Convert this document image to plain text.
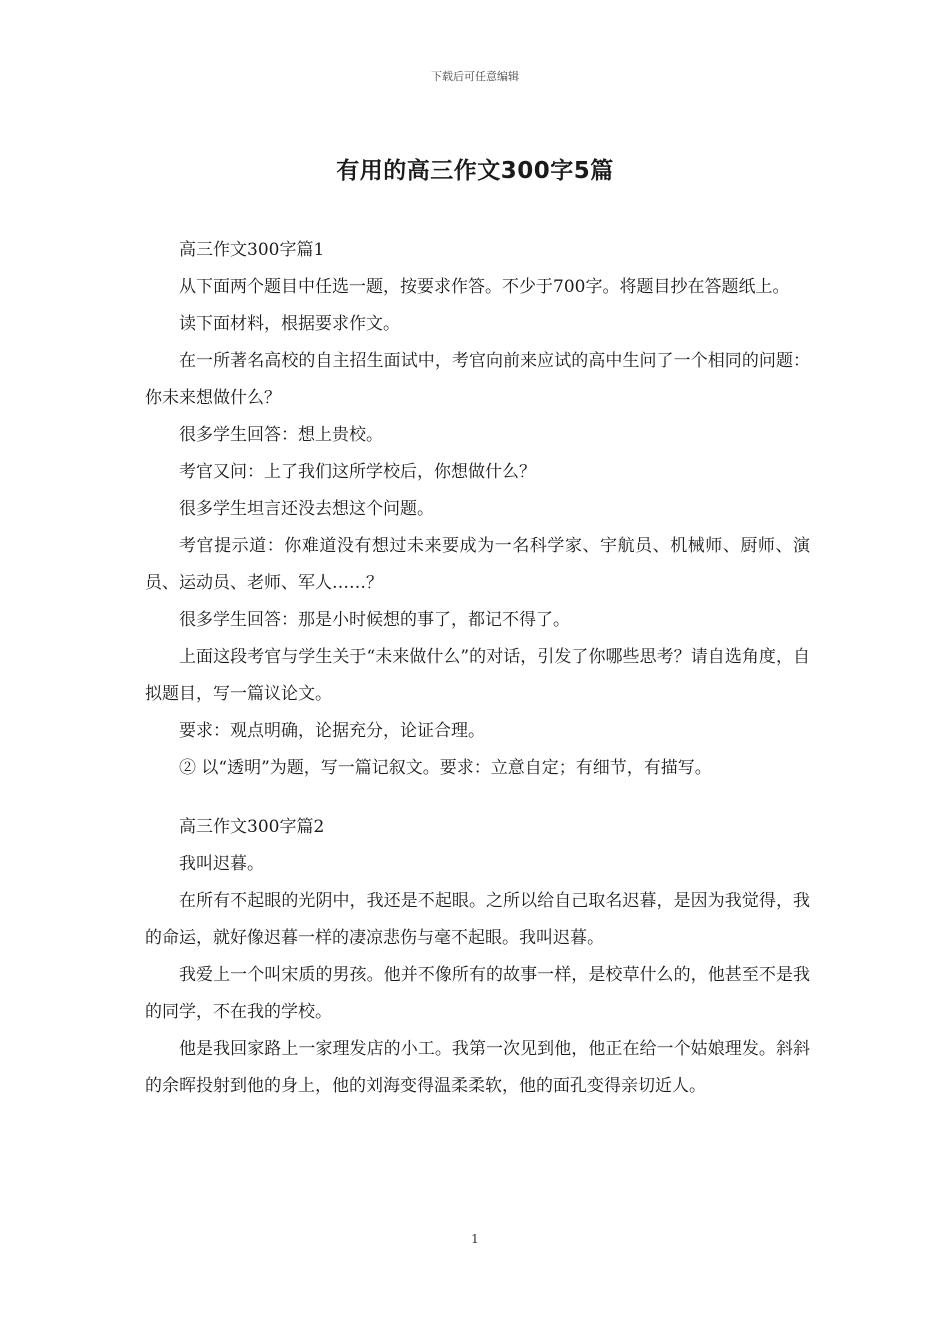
下载后可任意编辑
有用的高三作文300字5篇

高三作文300字篇1

从下面两个题目中任选一题，按要求作答。不少于700字。将题目抄在答题纸上。

读下面材料，根据要求作文。

在一所著名高校的自主招生面试中，考官向前来应试的高中生问了一个相同的问题：你未来想做什么？

很多学生回答：想上贵校。

考官又问：上了我们这所学校后，你想做什么？

很多学生坦言还没去想这个问题。

考官提示道：你难道没有想过未来要成为一名科学家、宇航员、机械师、厨师、演员、运动员、老师、军人……？

很多学生回答：那是小时候想的事了，都记不得了。

上面这段考官与学生关于“未来做什么”的对话，引发了你哪些思考？请自选角度，自拟题目，写一篇议论文。

要求：观点明确，论据充分，论证合理。

② 以“透明”为题，写一篇记叙文。要求：立意自定；有细节，有描写。

高三作文300字篇2

我叫迟暮。

在所有不起眼的光阴中，我还是不起眼。之所以给自己取名迟暮，是因为我觉得，我的命运，就好像迟暮一样的凄凉悲伤与毫不起眼。我叫迟暮。

我爱上一个叫宋质的男孩。他并不像所有的故事一样，是校草什么的，他甚至不是我的同学，不在我的学校。

他是我回家路上一家理发店的小工。我第一次见到他，他正在给一个姑娘理发。斜斜的余晖投射到他的身上，他的刘海变得温柔柔软，他的面孔变得亲切近人。

1
